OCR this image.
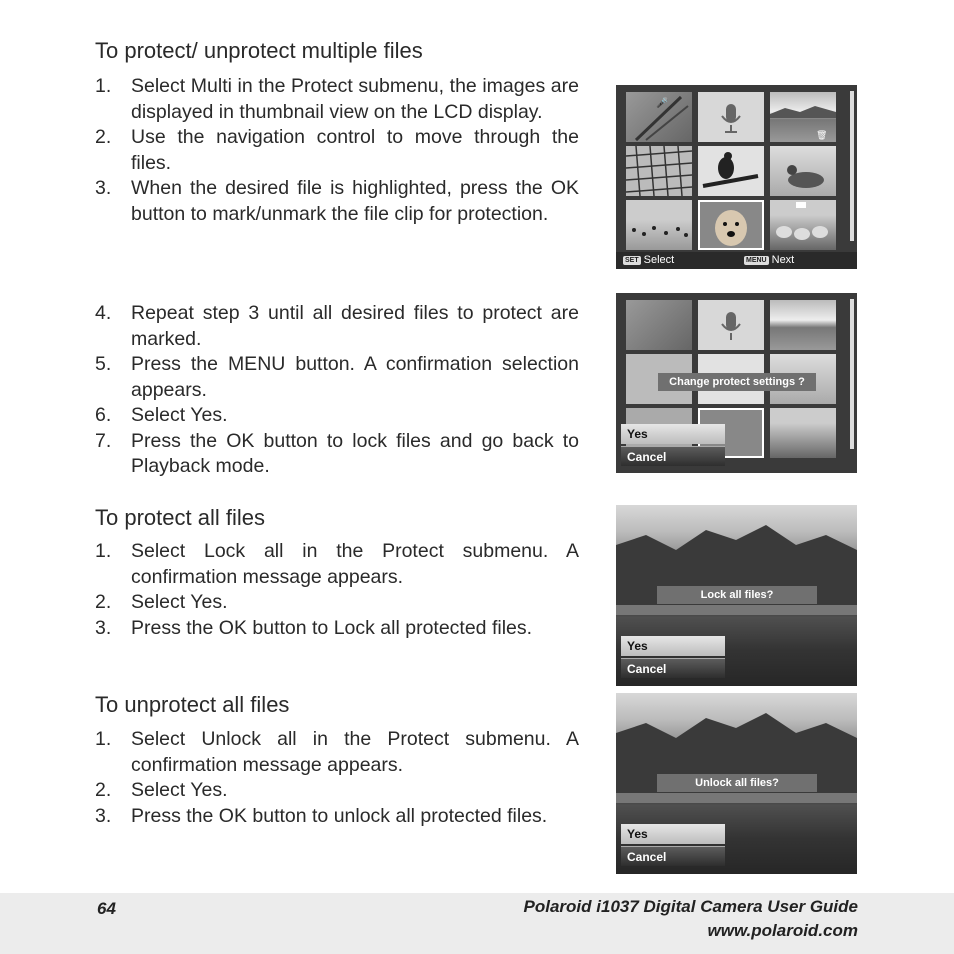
To protect/ unprotect multiple files
1. Select Multi in the Protect submenu, the images are displayed in thumbnail view on the LCD display.
2. Use the navigation control to move through the files.
3. When the desired file is highlighted, press the OK button to mark/unmark the file clip for protection.
4. Repeat step 3 until all desired files to protect are marked.
5. Press the MENU button. A confirmation selection appears.
6. Select Yes.
7. Press the OK button to lock files and go back to Playback mode.
To protect all files
1. Select Lock all in the Protect submenu. A confirmation message appears.
2. Select Yes.
3. Press the OK button to Lock all protected files.
To unprotect all files
1. Select Unlock all in the Protect submenu. A confirmation message appears.
2. Select Yes.
3. Press the OK button to unlock all protected files.
🎤
🗑
SET Select	MENU Next
Change protect settings ?
Yes
Cancel
Lock all files?
Yes
Cancel
Unlock all files?
Yes
Cancel
64	Polaroid i1037 Digital Camera User Guide
www.polaroid.com
